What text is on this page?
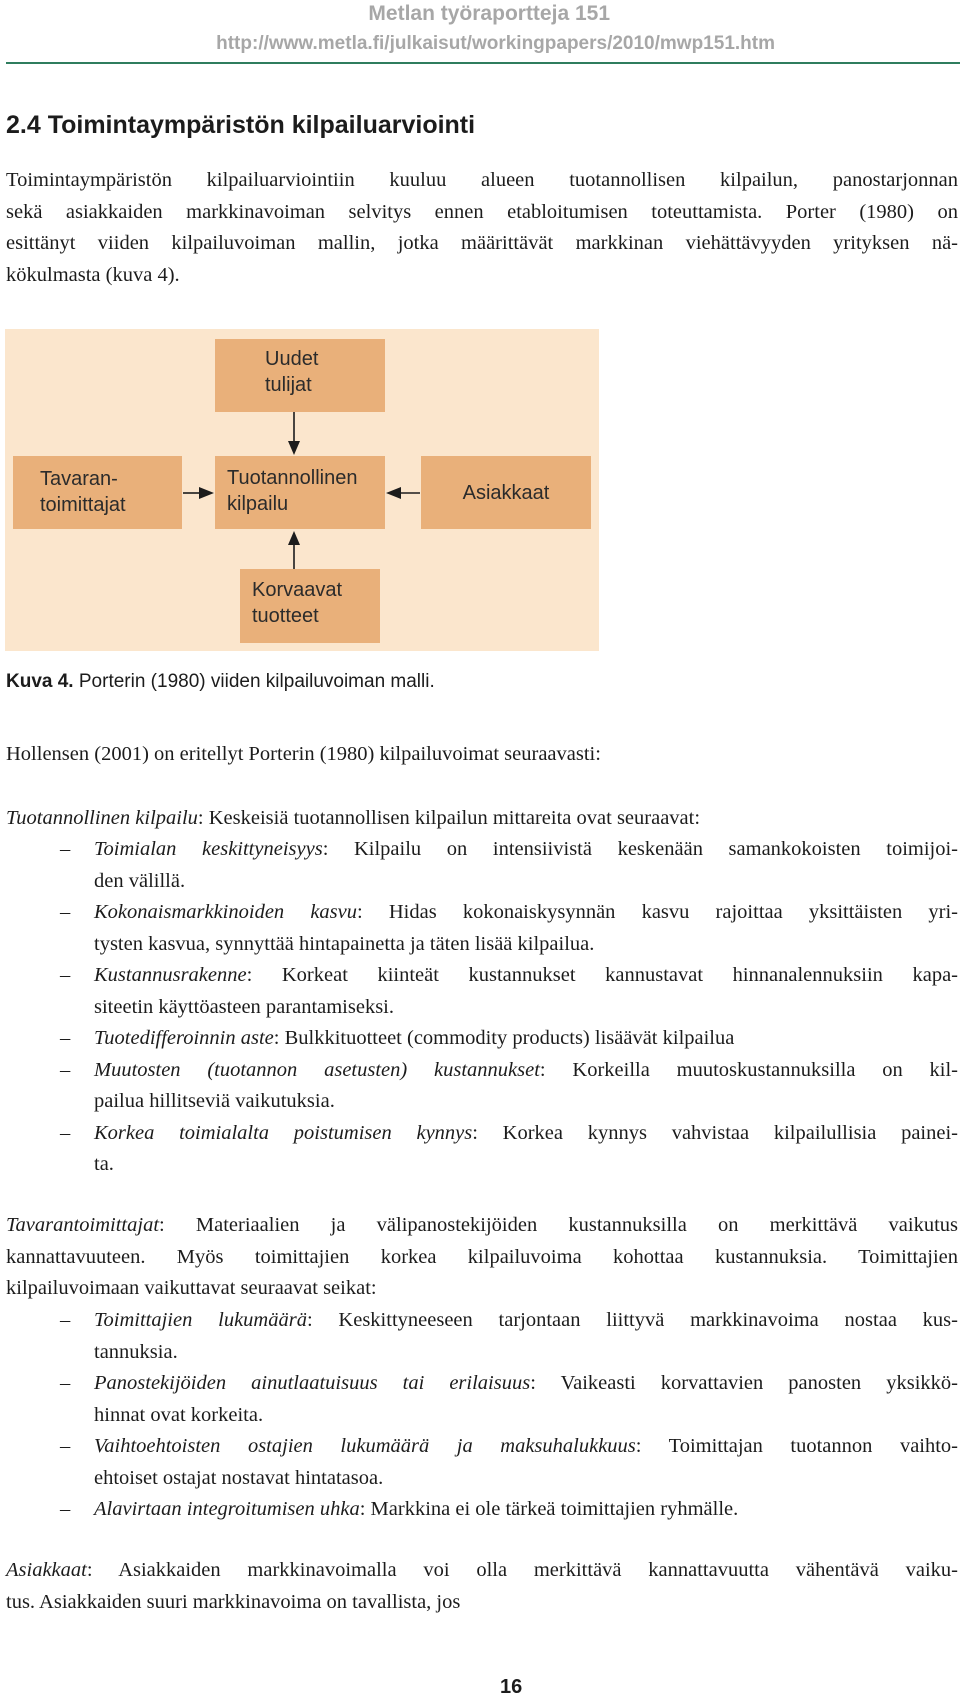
Metlan työraportteja 151
http://www.metla.fi/julkaisut/workingpapers/2010/mwp151.htm
2.4 Toimintaympäristön kilpailuarviointi

Toimintaympäristön kilpailuarviointiin kuuluu alueen tuotannollisen kilpailun, panostarjonnan
sekä asiakkaiden markkinavoiman selvitys ennen etabloitumisen toteuttamista. Porter (1980) on
esittänyt viiden kilpailuvoiman mallin, jotka määrittävät markkinan viehättävyyden yrityksen nä-
kökulmasta (kuva 4).

Uudet
tulijat
Tavaran-
toimittajat
Tuotannollinen
kilpailu
Asiakkaat
Korvaavat
tuotteet

Kuva 4. Porterin (1980) viiden kilpailuvoiman malli.

Hollensen (2001) on eritellyt Porterin (1980) kilpailuvoimat seuraavasti:

Tuotannollinen kilpailu: Keskeisiä tuotannollisen kilpailun mittareita ovat seuraavat:

– Toimialan keskittyneisyys: Kilpailu on intensiivistä keskenään samankokoisten toimijoi-
den välillä.
– Kokonaismarkkinoiden kasvu: Hidas kokonaiskysynnän kasvu rajoittaa yksittäisten yri-
tysten kasvua, synnyttää hintapainetta ja täten lisää kilpailua.
– Kustannusrakenne: Korkeat kiinteät kustannukset kannustavat hinnanalennuksiin kapa-
siteetin käyttöasteen parantamiseksi.
– Tuotedifferoinnin aste: Bulkkituotteet (commodity products) lisäävät kilpailua
– Muutosten (tuotannon asetusten) kustannukset: Korkeilla muutoskustannuksilla on kil-
pailua hillitseviä vaikutuksia.
– Korkea toimialalta poistumisen kynnys: Korkea kynnys vahvistaa kilpailullisia painei-
ta.

Tavarantoimittajat: Materiaalien ja välipanostekijöiden kustannuksilla on merkittävä vaikutus
kannattavuuteen. Myös toimittajien korkea kilpailuvoima kohottaa kustannuksia. Toimittajien
kilpailuvoimaan vaikuttavat seuraavat seikat:

– Toimittajien lukumäärä: Keskittyneeseen tarjontaan liittyvä markkinavoima nostaa kus-
tannuksia.
– Panostekijöiden ainutlaatuisuus tai erilaisuus: Vaikeasti korvattavien panosten yksikkö-
hinnat ovat korkeita.
– Vaihtoehtoisten ostajien lukumäärä ja maksuhalukkuus: Toimittajan tuotannon vaihto-
ehtoiset ostajat nostavat hintatasoa.
– Alavirtaan integroitumisen uhka: Markkina ei ole tärkeä toimittajien ryhmälle.

Asiakkaat: Asiakkaiden markkinavoimalla voi olla merkittävä kannattavuutta vähentävä vaiku-
tus. Asiakkaiden suuri markkinavoima on tavallista, jos

16
